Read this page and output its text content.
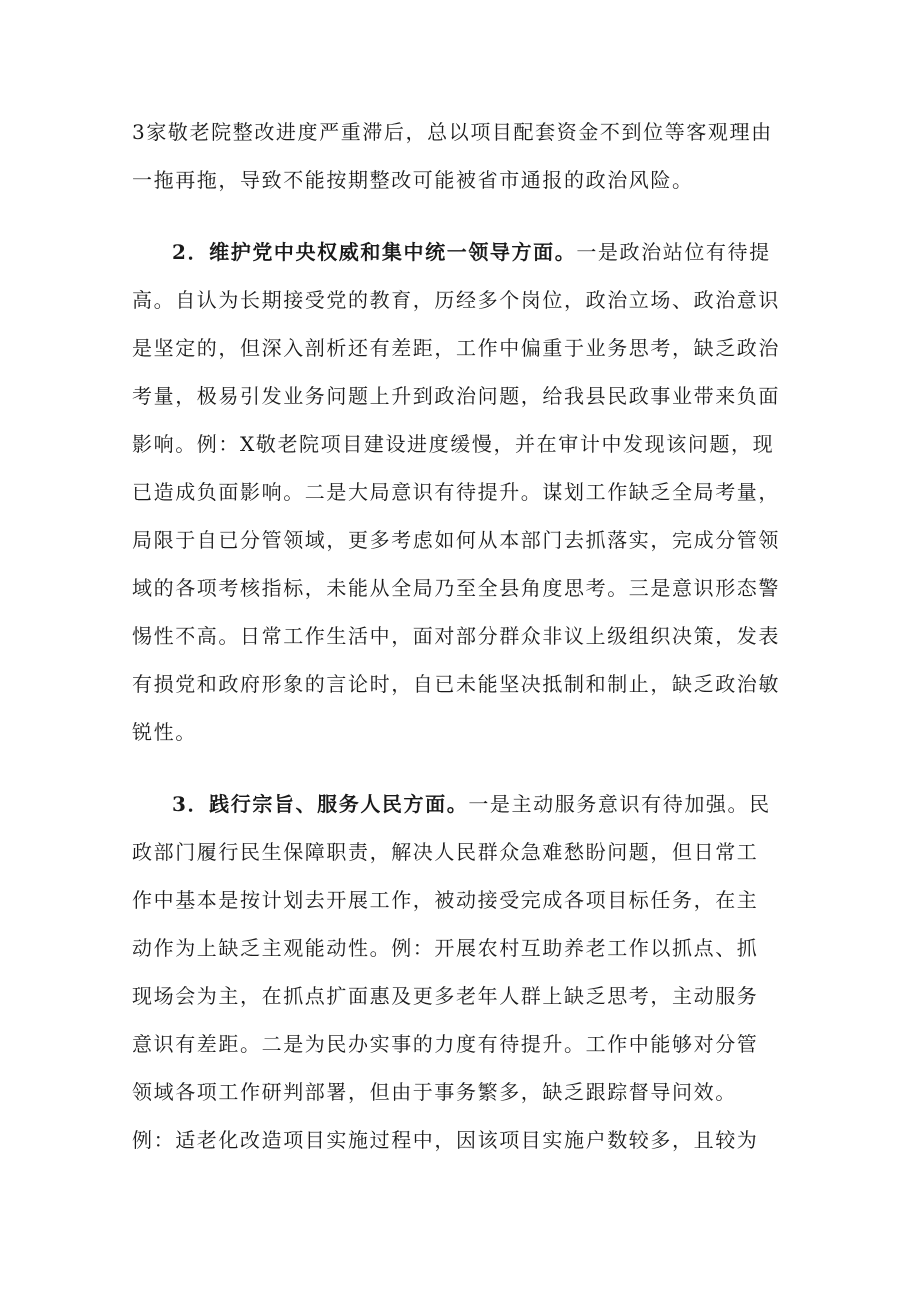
3家敬老院整改进度严重滞后，总以项目配套资金不到位等客观理由
一拖再拖，导致不能按期整改可能被省市通报的政治风险。
2．维护党中央权威和集中统一领导方面。一是政治站位有待提
高。自认为长期接受党的教育，历经多个岗位，政治立场、政治意识
是坚定的，但深入剖析还有差距，工作中偏重于业务思考，缺乏政治
考量，极易引发业务问题上升到政治问题，给我县民政事业带来负面
影响。例：X敬老院项目建设进度缓慢，并在审计中发现该问题，现
已造成负面影响。二是大局意识有待提升。谋划工作缺乏全局考量，
局限于自已分管领域，更多考虑如何从本部门去抓落实，完成分管领
域的各项考核指标，未能从全局乃至全县角度思考。三是意识形态警
惕性不高。日常工作生活中，面对部分群众非议上级组织决策，发表
有损党和政府形象的言论时，自已未能坚决抵制和制止，缺乏政治敏
锐性。
3．践行宗旨、服务人民方面。一是主动服务意识有待加强。民
政部门履行民生保障职责，解决人民群众急难愁盼问题，但日常工
作中基本是按计划去开展工作，被动接受完成各项目标任务，在主
动作为上缺乏主观能动性。例：开展农村互助养老工作以抓点、抓
现场会为主，在抓点扩面惠及更多老年人群上缺乏思考，主动服务
意识有差距。二是为民办实事的力度有待提升。工作中能够对分管
领域各项工作研判部署，但由于事务繁多，缺乏跟踪督导问效。
例：适老化改造项目实施过程中，因该项目实施户数较多，且较为
